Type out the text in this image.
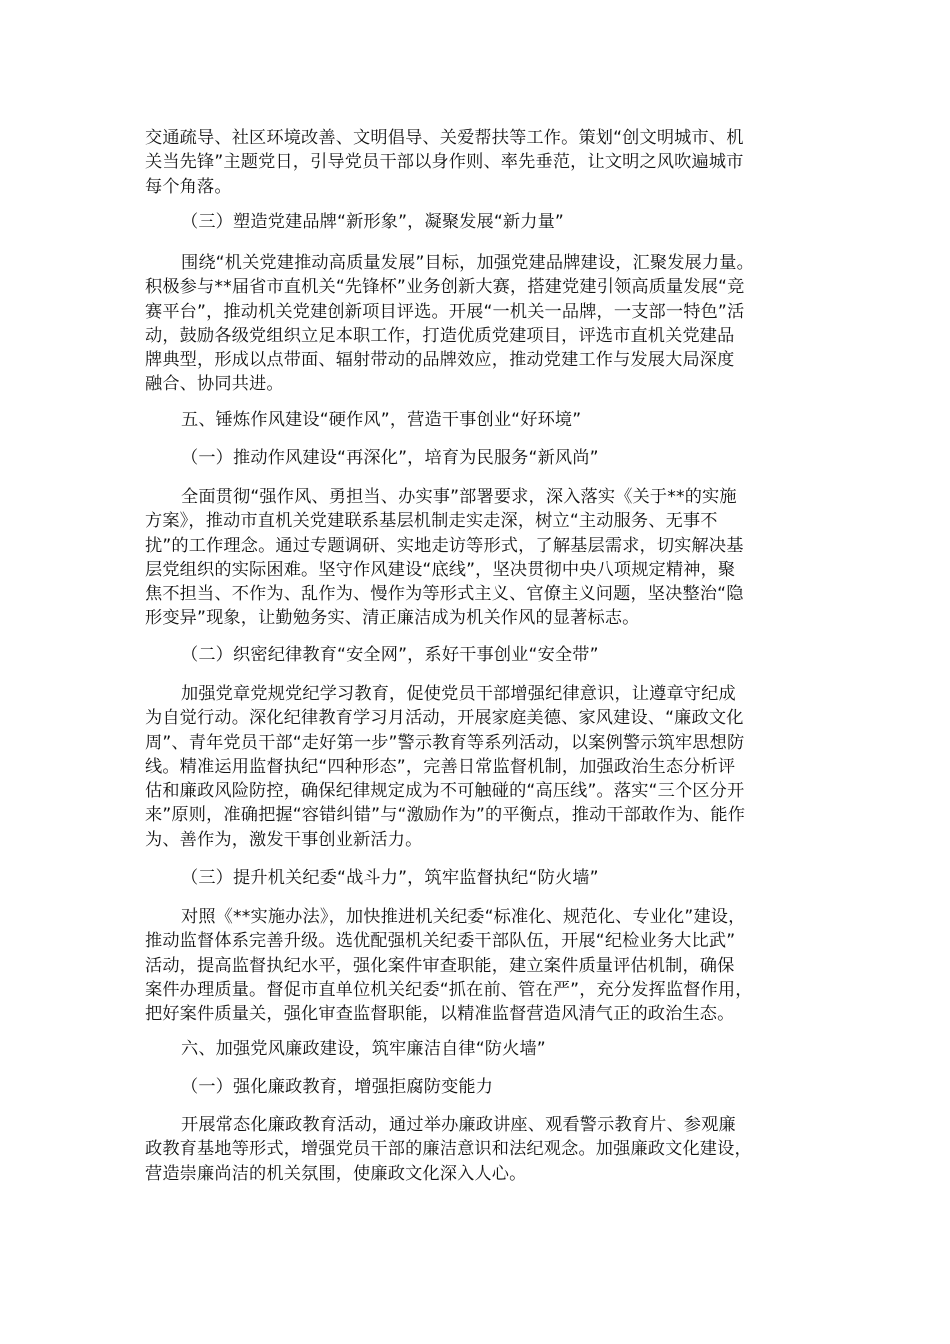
交通疏导、社区环境改善、文明倡导、关爱帮扶等工作。策划“创文明城市、机
关当先锋”主题党日，引导党员干部以身作则、率先垂范，让文明之风吹遍城市
每个角落。
（三）塑造党建品牌“新形象”，凝聚发展“新力量”
围绕“机关党建推动高质量发展”目标，加强党建品牌建设，汇聚发展力量。
积极参与**届省市直机关“先锋杯”业务创新大赛，搭建党建引领高质量发展“竞
赛平台”，推动机关党建创新项目评选。开展“一机关一品牌，一支部一特色”活
动，鼓励各级党组织立足本职工作，打造优质党建项目，评选市直机关党建品
牌典型，形成以点带面、辐射带动的品牌效应，推动党建工作与发展大局深度
融合、协同共进。
五、锤炼作风建设“硬作风”，营造干事创业“好环境”
（一）推动作风建设“再深化”，培育为民服务“新风尚”
全面贯彻“强作风、勇担当、办实事”部署要求，深入落实《关于**的实施
方案》，推动市直机关党建联系基层机制走实走深，树立“主动服务、无事不
扰”的工作理念。通过专题调研、实地走访等形式，了解基层需求，切实解决基
层党组织的实际困难。坚守作风建设“底线”，坚决贯彻中央八项规定精神，聚
焦不担当、不作为、乱作为、慢作为等形式主义、官僚主义问题，坚决整治“隐
形变异”现象，让勤勉务实、清正廉洁成为机关作风的显著标志。
（二）织密纪律教育“安全网”，系好干事创业“安全带”
加强党章党规党纪学习教育，促使党员干部增强纪律意识，让遵章守纪成
为自觉行动。深化纪律教育学习月活动，开展家庭美德、家风建设、“廉政文化
周”、青年党员干部“走好第一步”警示教育等系列活动，以案例警示筑牢思想防
线。精准运用监督执纪“四种形态”，完善日常监督机制，加强政治生态分析评
估和廉政风险防控，确保纪律规定成为不可触碰的“高压线”。落实“三个区分开
来”原则，准确把握“容错纠错”与“激励作为”的平衡点，推动干部敢作为、能作
为、善作为，激发干事创业新活力。
（三）提升机关纪委“战斗力”，筑牢监督执纪“防火墙”
对照《**实施办法》，加快推进机关纪委“标准化、规范化、专业化”建设，
推动监督体系完善升级。选优配强机关纪委干部队伍，开展“纪检业务大比武”
活动，提高监督执纪水平，强化案件审查职能，建立案件质量评估机制，确保
案件办理质量。督促市直单位机关纪委“抓在前、管在严”，充分发挥监督作用，
把好案件质量关，强化审查监督职能，以精准监督营造风清气正的政治生态。
六、加强党风廉政建设，筑牢廉洁自律“防火墙”
（一）强化廉政教育，增强拒腐防变能力
开展常态化廉政教育活动，通过举办廉政讲座、观看警示教育片、参观廉
政教育基地等形式，增强党员干部的廉洁意识和法纪观念。加强廉政文化建设，
营造崇廉尚洁的机关氛围，使廉政文化深入人心。
